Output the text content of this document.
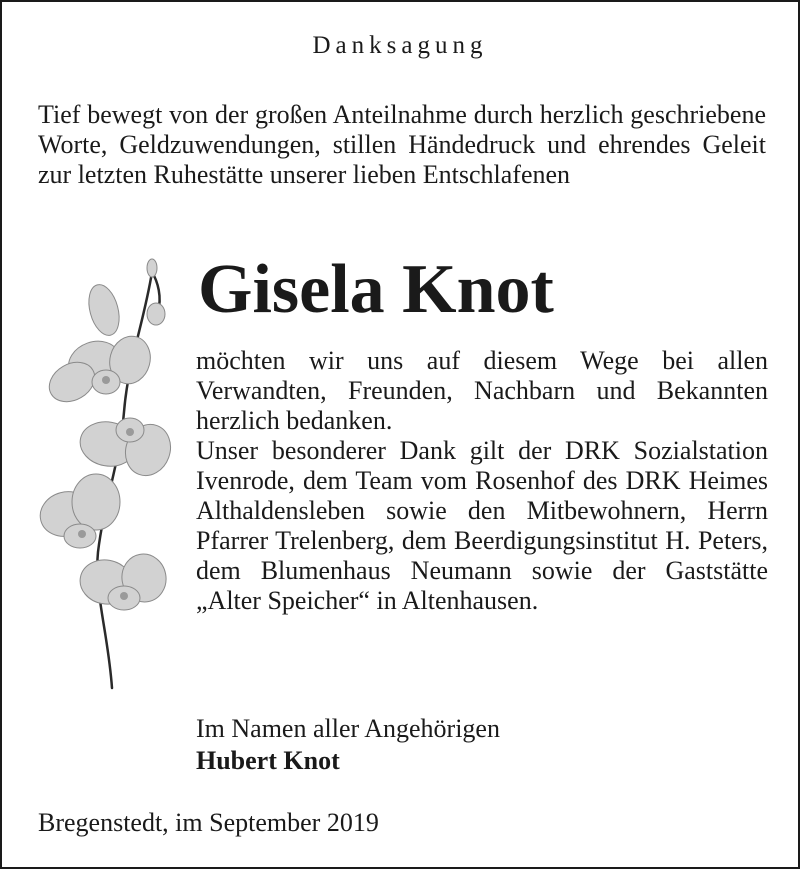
Danksagung
Tief bewegt von der großen Anteilnahme durch herzlich geschriebene Worte, Geldzuwendungen, stillen Händedruck und ehrendes Geleit zur letzten Ruhestätte unserer lieben Entschlafenen
Gisela Knot

möchten wir uns auf diesem Wege bei allen Verwandten, Freunden, Nachbarn und Bekannten herzlich bedanken.

Unser besonderer Dank gilt der DRK Sozialstation Ivenrode, dem Team vom Rosenhof des DRK Heimes Althaldensleben sowie den Mitbewohnern, Herrn Pfarrer Trelenberg, dem Beerdigungsinstitut H. Peters, dem Blumenhaus Neumann sowie der Gaststätte „Alter Speicher“ in Altenhausen.

Im Namen aller Angehörigen
Hubert Knot
Bregenstedt, im September 2019
